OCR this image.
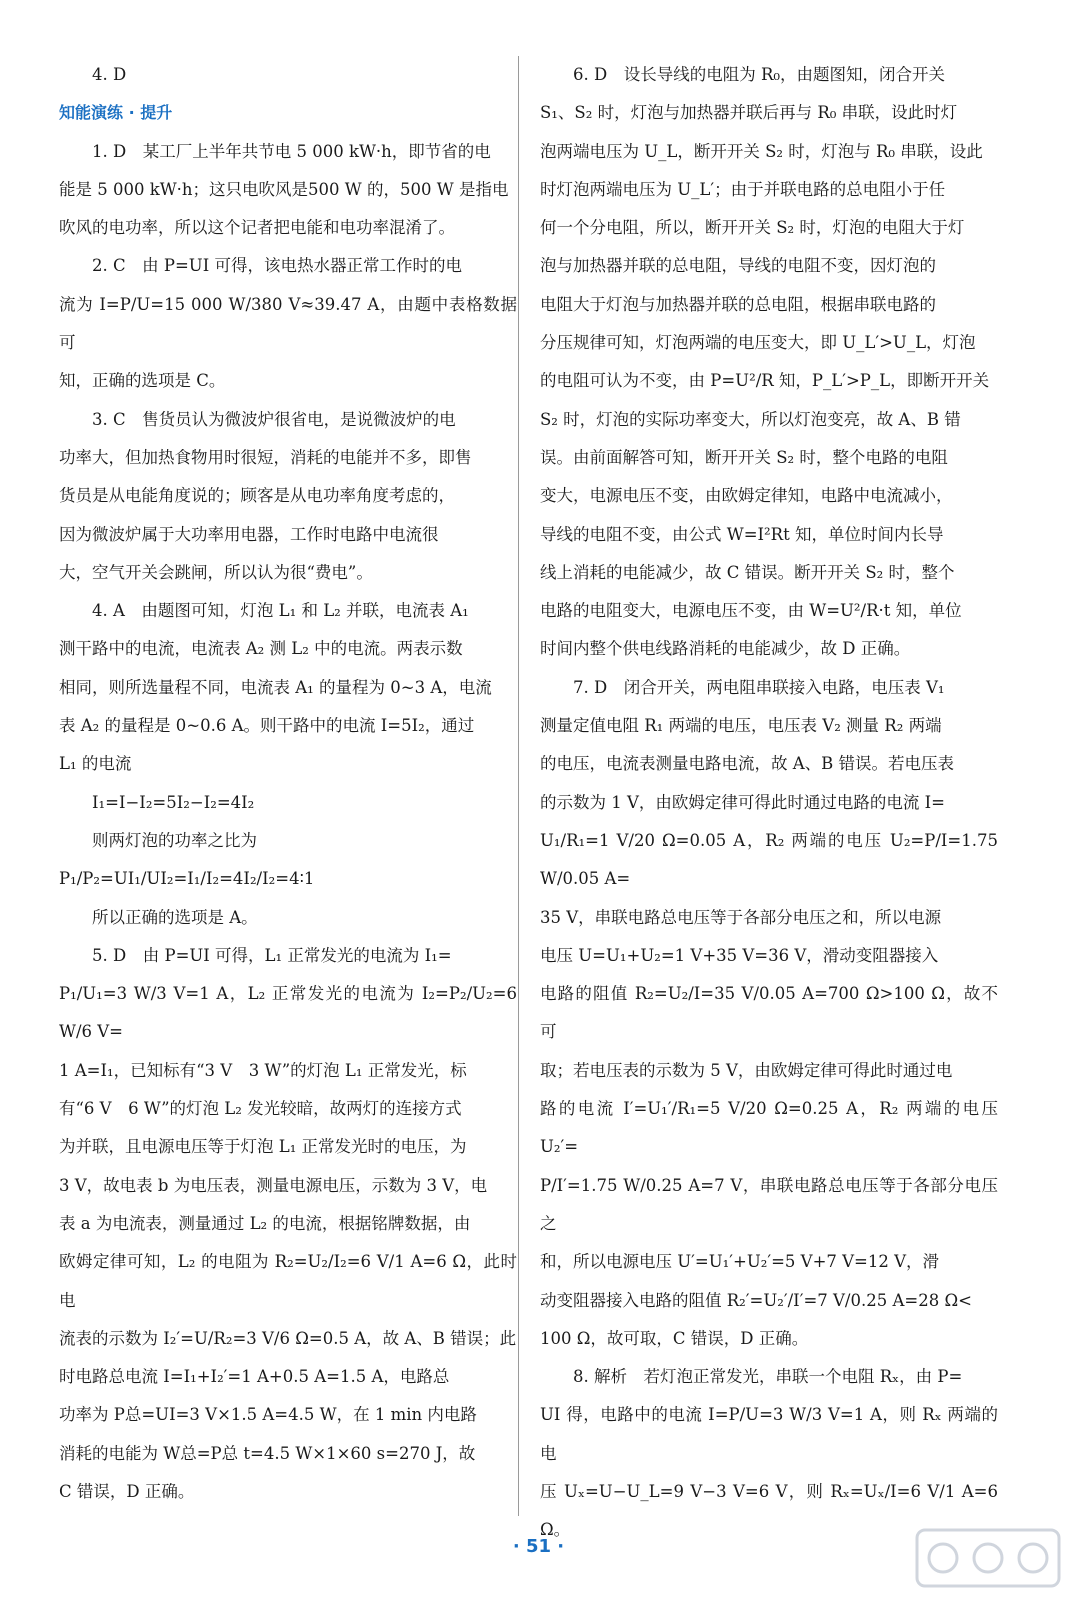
4. D
知能演练 · 提升
1. D　某工厂上半年共节电 5 000 kW·h，即节省的电
能是 5 000 kW·h；这只电吹风是500 W 的，500 W 是指电
吹风的电功率，所以这个记者把电能和电功率混淆了。
2. C　由 P=UI 可得，该电热水器正常工作时的电
流为 I=P/U=15 000 W/380 V≈39.47 A，由题中表格数据可
知，正确的选项是 C。
3. C　售货员认为微波炉很省电，是说微波炉的电
功率大，但加热食物用时很短，消耗的电能并不多，即售
货员是从电能角度说的；顾客是从电功率角度考虑的，
因为微波炉属于大功率用电器，工作时电路中电流很
大，空气开关会跳闸，所以认为很“费电”。
4. A　由题图可知，灯泡 L₁ 和 L₂ 并联，电流表 A₁
测干路中的电流，电流表 A₂ 测 L₂ 中的电流。两表示数
相同，则所选量程不同，电流表 A₁ 的量程为 0~3 A，电流
表 A₂ 的量程是 0~0.6 A。则干路中的电流 I=5I₂，通过
L₁ 的电流
I₁=I−I₂=5I₂−I₂=4I₂
则两灯泡的功率之比为
P₁/P₂=UI₁/UI₂=I₁/I₂=4I₂/I₂=4∶1
所以正确的选项是 A。
5. D　由 P=UI 可得，L₁ 正常发光的电流为 I₁=
P₁/U₁=3 W/3 V=1 A，L₂ 正常发光的电流为 I₂=P₂/U₂=6 W/6 V=
1 A=I₁，已知标有“3 V　3 W”的灯泡 L₁ 正常发光，标
有“6 V　6 W”的灯泡 L₂ 发光较暗，故两灯的连接方式
为并联，且电源电压等于灯泡 L₁ 正常发光时的电压，为
3 V，故电表 b 为电压表，测量电源电压，示数为 3 V，电
表 a 为电流表，测量通过 L₂ 的电流，根据铭牌数据，由
欧姆定律可知，L₂ 的电阻为 R₂=U₂/I₂=6 V/1 A=6 Ω，此时电
流表的示数为 I₂′=U/R₂=3 V/6 Ω=0.5 A，故 A、B 错误；此
时电路总电流 I=I₁+I₂′=1 A+0.5 A=1.5 A，电路总
功率为 P总=UI=3 V×1.5 A=4.5 W，在 1 min 内电路
消耗的电能为 W总=P总 t=4.5 W×1×60 s=270 J，故
C 错误，D 正确。
6. D　设长导线的电阻为 R₀，由题图知，闭合开关
S₁、S₂ 时，灯泡与加热器并联后再与 R₀ 串联，设此时灯
泡两端电压为 U_L，断开开关 S₂ 时，灯泡与 R₀ 串联，设此
时灯泡两端电压为 U_L′；由于并联电路的总电阻小于任
何一个分电阻，所以，断开开关 S₂ 时，灯泡的电阻大于灯
泡与加热器并联的总电阻，导线的电阻不变，因灯泡的
电阻大于灯泡与加热器并联的总电阻，根据串联电路的
分压规律可知，灯泡两端的电压变大，即 U_L′>U_L，灯泡
的电阻可认为不变，由 P=U²/R 知，P_L′>P_L，即断开开关
S₂ 时，灯泡的实际功率变大，所以灯泡变亮，故 A、B 错
误。由前面解答可知，断开开关 S₂ 时，整个电路的电阻
变大，电源电压不变，由欧姆定律知，电路中电流减小，
导线的电阻不变，由公式 W=I²Rt 知，单位时间内长导
线上消耗的电能减少，故 C 错误。断开开关 S₂ 时，整个
电路的电阻变大，电源电压不变，由 W=U²/R·t 知，单位
时间内整个供电线路消耗的电能减少，故 D 正确。
7. D　闭合开关，两电阻串联接入电路，电压表 V₁
测量定值电阻 R₁ 两端的电压，电压表 V₂ 测量 R₂ 两端
的电压，电流表测量电路电流，故 A、B 错误。若电压表
的示数为 1 V，由欧姆定律可得此时通过电路的电流 I=
U₁/R₁=1 V/20 Ω=0.05 A，R₂ 两端的电压 U₂=P/I=1.75 W/0.05 A=
35 V，串联电路总电压等于各部分电压之和，所以电源
电压 U=U₁+U₂=1 V+35 V=36 V，滑动变阻器接入
电路的阻值 R₂=U₂/I=35 V/0.05 A=700 Ω>100 Ω，故不可
取；若电压表的示数为 5 V，由欧姆定律可得此时通过电
路的电流 I′=U₁′/R₁=5 V/20 Ω=0.25 A，R₂ 两端的电压U₂′=
P/I′=1.75 W/0.25 A=7 V，串联电路总电压等于各部分电压之
和，所以电源电压 U′=U₁′+U₂′=5 V+7 V=12 V，滑
动变阻器接入电路的阻值 R₂′=U₂′/I′=7 V/0.25 A=28 Ω<
100 Ω，故可取，C 错误，D 正确。
8. 解析　若灯泡正常发光，串联一个电阻 Rₓ，由 P=
UI 得，电路中的电流 I=P/U=3 W/3 V=1 A，则 Rₓ 两端的电
压 Uₓ=U−U_L=9 V−3 V=6 V，则 Rₓ=Uₓ/I=6 V/1 A=6 Ω。
· 51 ·
